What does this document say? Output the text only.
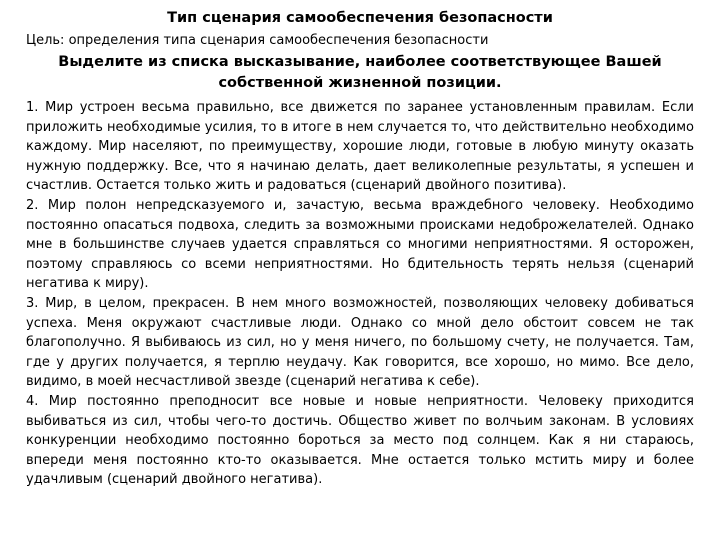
Тип сценария самообеспечения безопасности
Цель: определения типа сценария самообеспечения безопасности
Выделите из списка высказывание, наиболее соответствующее Вашей собственной жизненной позиции.

1. Мир устроен весьма правильно, все движется по заранее установленным правилам. Если приложить необходимые усилия, то в итоге в нем случается то, что действительно необходимо каждому. Мир населяют, по преимуществу, хорошие люди, готовые в любую минуту оказать нужную поддержку. Все, что я начинаю делать, дает великолепные результаты, я успешен и счастлив. Остается только жить и радоваться (сценарий двойного позитива).

2. Мир полон непредсказуемого и, зачастую, весьма враждебного человеку. Необходимо постоянно опасаться подвоха, следить за возможными происками недоброжелателей. Однако мне в большинстве случаев удается справляться со многими неприятностями. Я осторожен, поэтому справляюсь со всеми неприятностями. Но бдительность терять нельзя (сценарий негатива к миру).

3. Мир, в целом, прекрасен. В нем много возможностей, позволяющих человеку добиваться успеха. Меня окружают счастливые люди. Однако со мной дело обстоит совсем не так благополучно. Я выбиваюсь из сил, но у меня ничего, по большому счету, не получается. Там, где у других получается, я терплю неудачу. Как говорится, все хорошо, но мимо. Все дело, видимо, в моей несчастливой звезде (сценарий негатива к себе).

4. Мир постоянно преподносит все новые и новые неприятности. Человеку приходится выбиваться из сил, чтобы чего-то достичь. Общество живет по волчьим законам. В условиях конкуренции необходимо постоянно бороться за место под солнцем. Как я ни стараюсь, впереди меня постоянно кто-то оказывается. Мне остается только мстить миру и более удачливым (сценарий двойного негатива).
